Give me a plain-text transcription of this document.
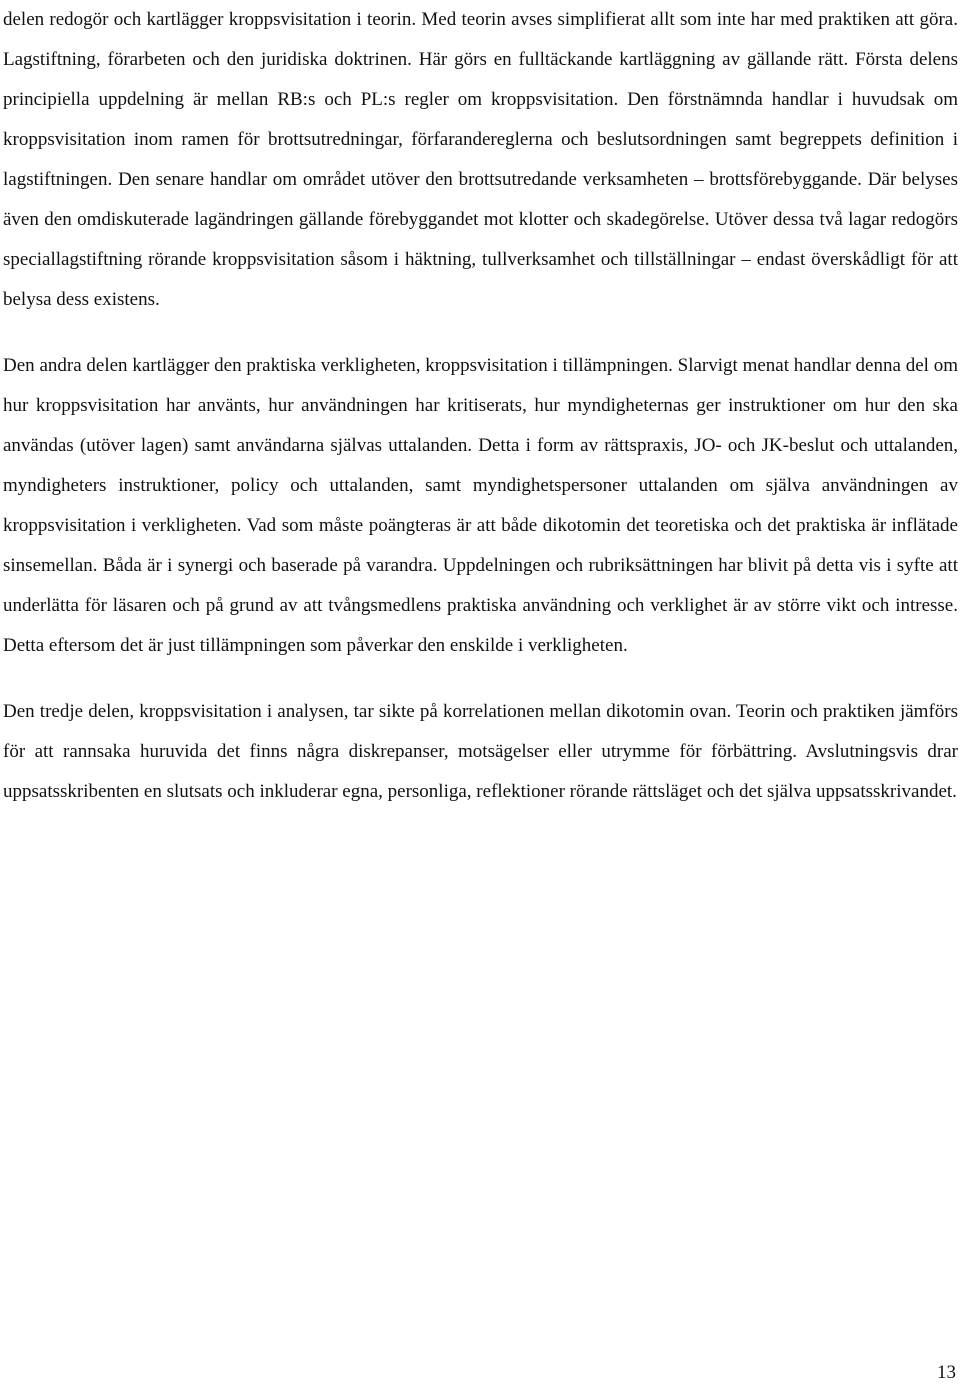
delen redogör och kartlägger kroppsvisitation i teorin. Med teorin avses simplifierat allt som inte har med praktiken att göra. Lagstiftning, förarbeten och den juridiska doktrinen. Här görs en fulltäckande kartläggning av gällande rätt. Första delens principiella uppdelning är mellan RB:s och PL:s regler om kroppsvisitation. Den förstnämnda handlar i huvudsak om kroppsvisitation inom ramen för brottsutredningar, förfarandereglerna och beslutsordningen samt begreppets definition i lagstiftningen. Den senare handlar om området utöver den brottsutredande verksamheten – brottsförebyggande. Där belyses även den omdiskuterade lagändringen gällande förebyggandet mot klotter och skadegörelse. Utöver dessa två lagar redogörs speciallagstiftning rörande kroppsvisitation såsom i häktning, tullverksamhet och tillställningar – endast överskådligt för att belysa dess existens.

Den andra delen kartlägger den praktiska verkligheten, kroppsvisitation i tillämpningen. Slarvigt menat handlar denna del om hur kroppsvisitation har använts, hur användningen har kritiserats, hur myndigheternas ger instruktioner om hur den ska användas (utöver lagen) samt användarna självas uttalanden. Detta i form av rättspraxis, JO- och JK-beslut och uttalanden, myndigheters instruktioner, policy och uttalanden, samt myndighetspersoner uttalanden om själva användningen av kroppsvisitation i verkligheten. Vad som måste poängteras är att både dikotomin det teoretiska och det praktiska är inflätade sinsemellan. Båda är i synergi och baserade på varandra. Uppdelningen och rubriksättningen har blivit på detta vis i syfte att underlätta för läsaren och på grund av att tvångsmedlens praktiska användning och verklighet är av större vikt och intresse. Detta eftersom det är just tillämpningen som påverkar den enskilde i verkligheten.

Den tredje delen, kroppsvisitation i analysen, tar sikte på korrelationen mellan dikotomin ovan. Teorin och praktiken jämförs för att rannsaka huruvida det finns några diskrepanser, motsägelser eller utrymme för förbättring. Avslutningsvis drar uppsatsskribenten en slutsats och inkluderar egna, personliga, reflektioner rörande rättsläget och det själva uppsatsskrivandet.

13
